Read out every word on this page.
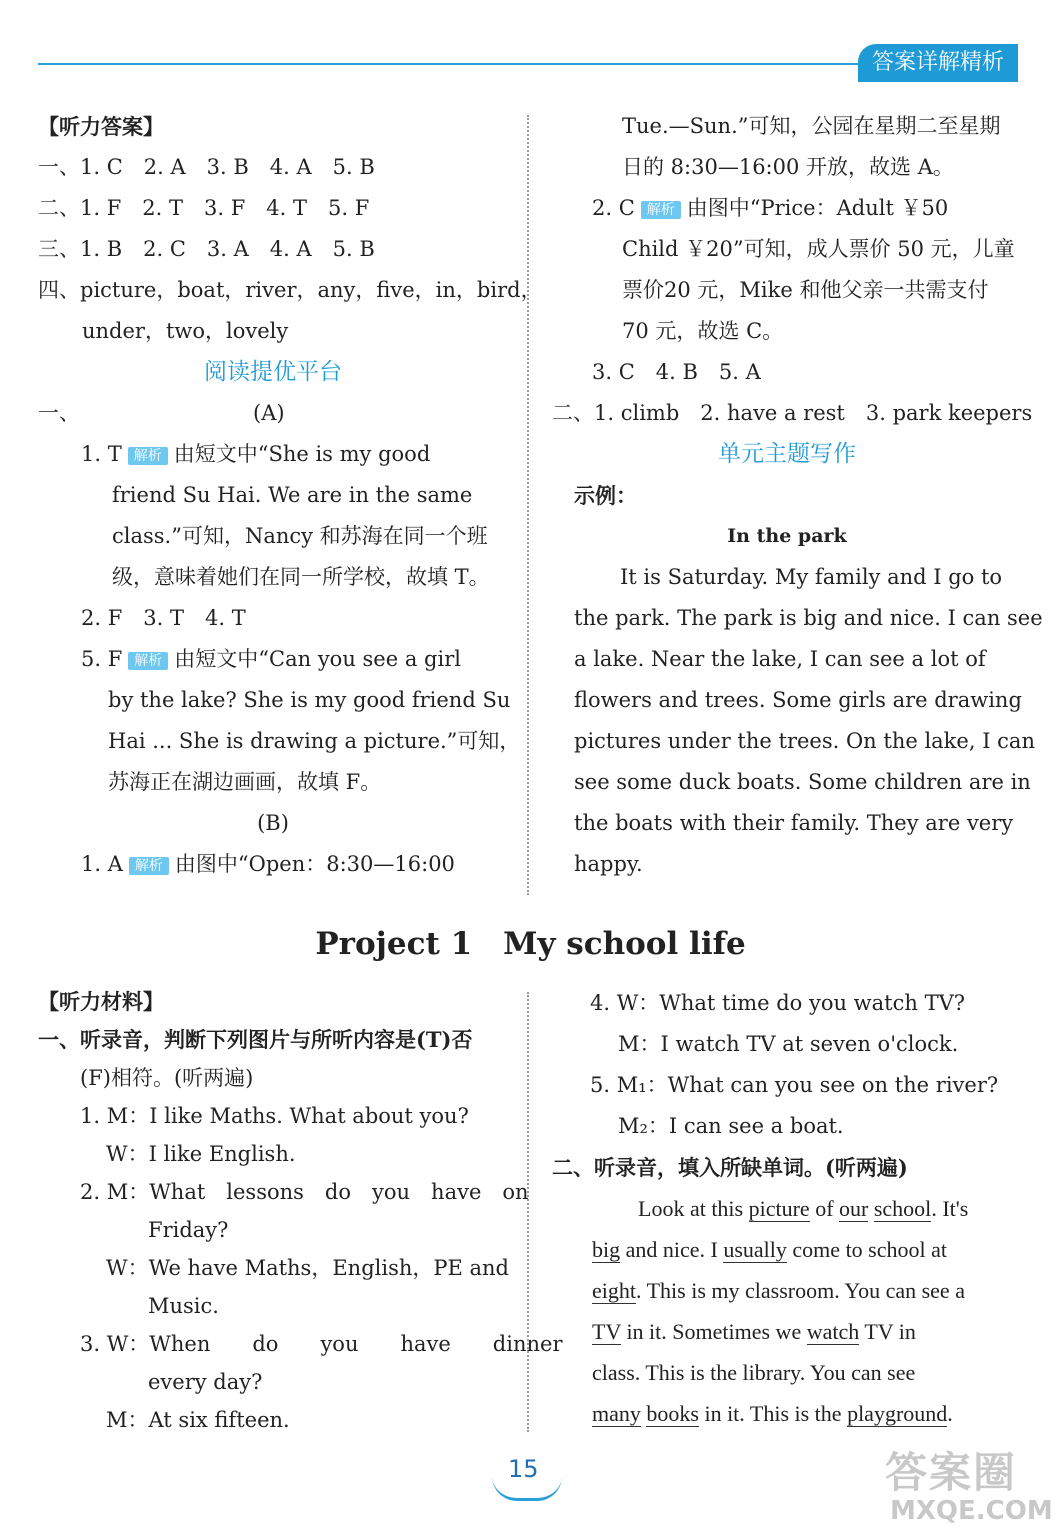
答案详解精析

【听力答案】

一、1. C　2. A　3. B　4. A　5. B

二、1. F　2. T　3. F　4. T　5. F

三、1. B　2. C　3. A　4. A　5. B

四、picture，boat，river，any，five，in，bird，

under，two，lovely

阅读提优平台

一、	(A)

1. T 解析 由短文中“She is my good

friend Su Hai. We are in the same

class.”可知，Nancy 和苏海在同一个班

级，意味着她们在同一所学校，故填 T。

2. F　3. T　4. T

5. F 解析 由短文中“Can you see a girl

by the lake? She is my good friend Su

Hai ... She is drawing a picture.”可知，

苏海正在湖边画画，故填 F。

(B)

1. A 解析 由图中“Open：8:30—16:00

Tue.—Sun.”可知，公园在星期二至星期

日的 8:30—16:00 开放，故选 A。

2. C 解析 由图中“Price：Adult ￥50

Child ￥20”可知，成人票价 50 元，儿童

票价20 元，Mike 和他父亲一共需支付

70 元，故选 C。

3. C　4. B　5. A

二、1. climb　2. have a rest　3. park keepers

单元主题写作

示例：

In the park

It is Saturday. My family and I go to

the park. The park is big and nice. I can see

a lake. Near the lake, I can see a lot of

flowers and trees. Some girls are drawing

pictures under the trees. On the lake, I can

see some duck boats. Some children are in

the boats with their family. They are very

happy.

Project 1　My school life

【听力材料】

一、听录音，判断下列图片与所听内容是(T)否

(F)相符。(听两遍)

1. M：I like Maths. What about you?

W：I like English.

2. M：What　lessons　do　you　have　on

Friday?

W：We have Maths，English，PE and

Music.

3. W：When　　do　　you　　have　　dinner

every day?

M：At six fifteen.

4. W：What time do you watch TV?

M：I watch TV at seven o'clock.

5. M₁：What can you see on the river?

M₂：I can see a boat.

二、听录音，填入所缺单词。(听两遍)

Look at this picture of our school. It's

big and nice. I usually come to school at

eight. This is my classroom. You can see a

TV in it. Sometimes we watch TV in

class. This is the library. You can see

many books in it. This is the playground.

15	答案圈
MXQE.COM
